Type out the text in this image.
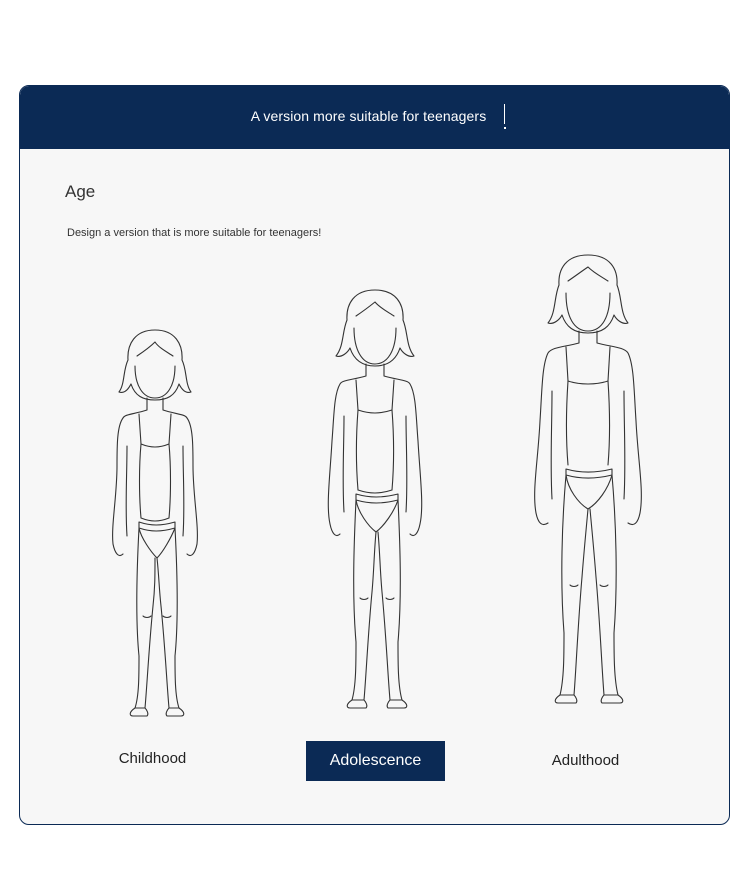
A version more suitable for teenagers
Age
Design a version that is more suitable for teenagers!
Childhood	Adolescence	Adulthood
